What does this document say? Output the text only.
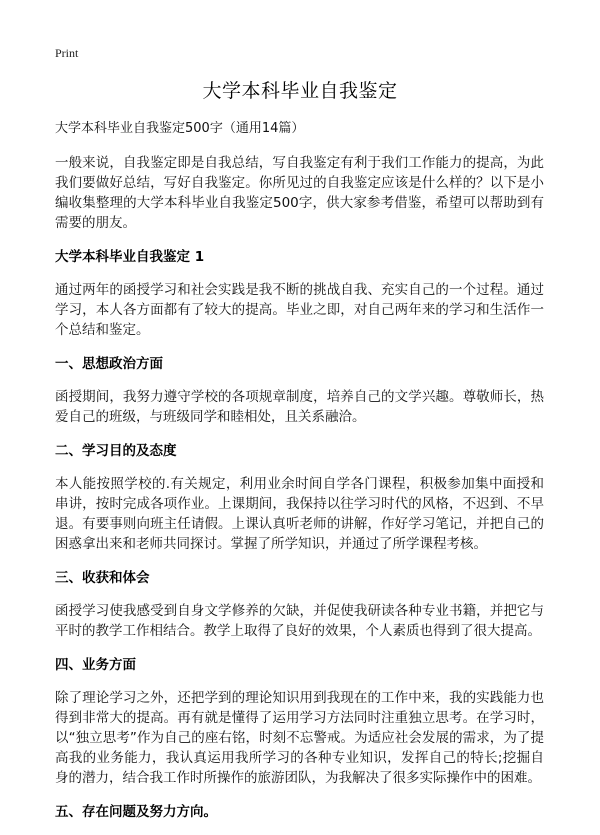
Print
大学本科毕业自我鉴定
大学本科毕业自我鉴定500字（通用14篇）

一般来说，自我鉴定即是自我总结，写自我鉴定有利于我们工作能力的提高，为此我们要做好总结，写好自我鉴定。你所见过的自我鉴定应该是什么样的？以下是小编收集整理的大学本科毕业自我鉴定500字，供大家参考借鉴，希望可以帮助到有需要的朋友。

大学本科毕业自我鉴定 1

通过两年的函授学习和社会实践是我不断的挑战自我、充实自己的一个过程。通过学习，本人各方面都有了较大的提高。毕业之即，对自己两年来的学习和生活作一个总结和鉴定。

一、思想政治方面

函授期间，我努力遵守学校的各项规章制度，培养自己的文学兴趣。尊敬师长，热爱自己的班级，与班级同学和睦相处，且关系融洽。

二、学习目的及态度

本人能按照学校的.有关规定，利用业余时间自学各门课程，积极参加集中面授和串讲，按时完成各项作业。上课期间，我保持以往学习时代的风格，不迟到、不早退。有要事则向班主任请假。上课认真听老师的讲解，作好学习笔记，并把自己的困惑拿出来和老师共同探讨。掌握了所学知识，并通过了所学课程考核。

三、收获和体会

函授学习使我感受到自身文学修养的欠缺，并促使我研读各种专业书籍，并把它与平时的教学工作相结合。教学上取得了良好的效果，个人素质也得到了很大提高。

四、业务方面

除了理论学习之外，还把学到的理论知识用到我现在的工作中来，我的实践能力也得到非常大的提高。再有就是懂得了运用学习方法同时注重独立思考。在学习时，以“独立思考”作为自己的座右铭，时刻不忘警戒。为适应社会发展的需求，为了提高我的业务能力，我认真运用我所学习的各种专业知识，发挥自己的特长;挖掘自身的潜力，结合我工作时所操作的旅游团队，为我解决了很多实际操作中的困难。

五、存在问题及努力方向。
